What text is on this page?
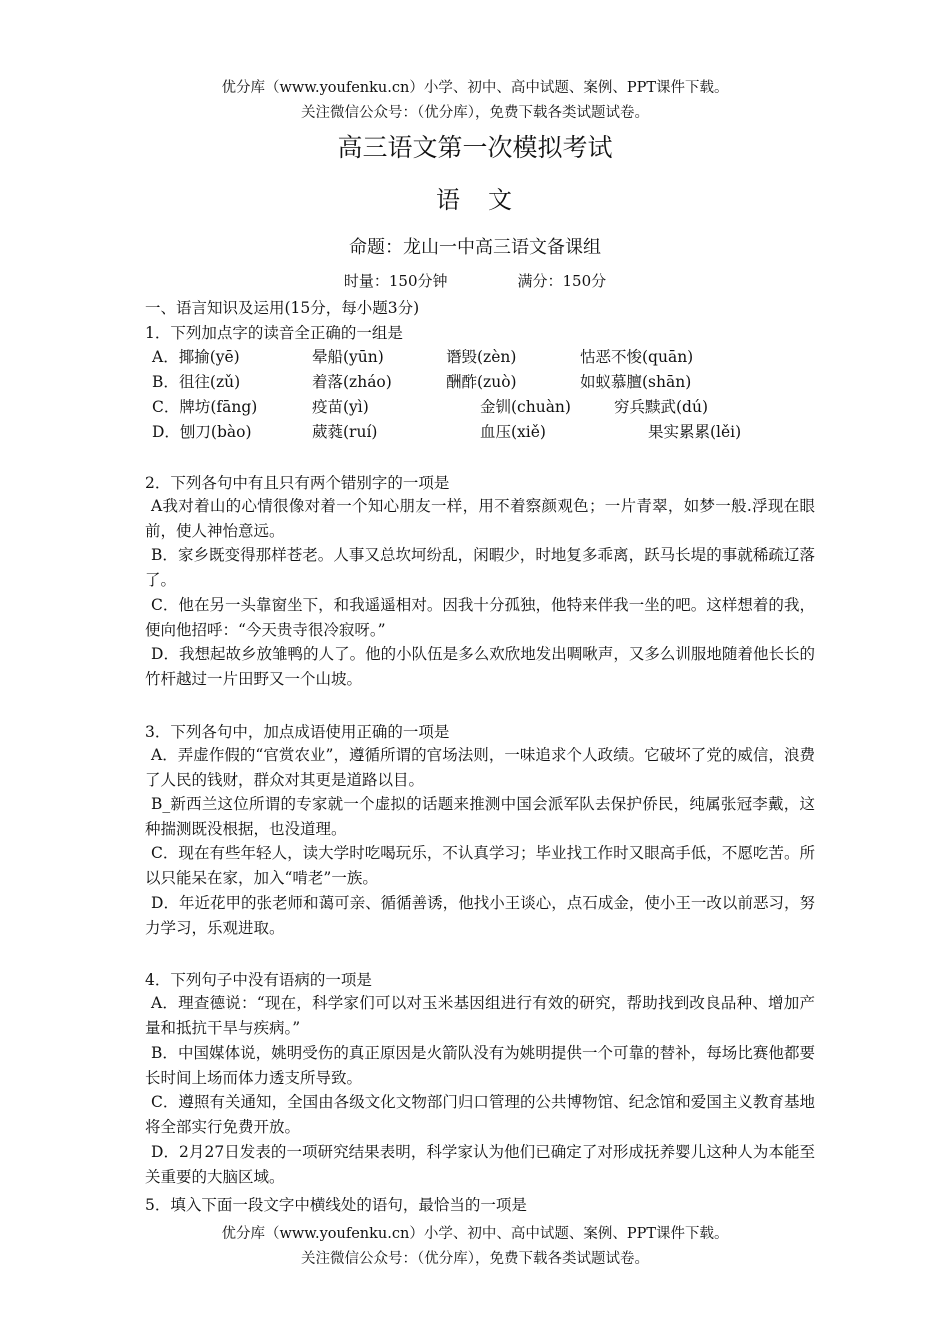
优分库（www.youfenku.cn）小学、初中、高中试题、案例、PPT课件下载。
关注微信公众号：（优分库），免费下载各类试题试卷。
高三语文第一次模拟考试
语　文
命题：龙山一中高三语文备课组
时量：150分钟	满分：150分
一、语言知识及运用(15分，每小题3分)
1．下列加点字的读音全正确的一组是
A．揶揄(yē)	晕船(yūn)	谮毁(zèn)	怙恶不悛(quān)
B．徂往(zǔ)	着落(zháo)	酬酢(zuò)	如蚁慕膻(shān)
C．牌坊(fāng)	疫苗(yì)	金钏(chuàn)	穷兵黩武(dú)
D．刨刀(bào)	葳蕤(ruí)	血压(xiě)	果实累累(lěi)
2．下列各句中有且只有两个错别字的一项是
A我对着山的心情很像对着一个知心朋友一样，用不着察颜观色；一片青翠，如梦一般.浮现在眼前，使人神怡意远。
B．家乡既变得那样苍老。人事又总坎坷纷乱，闲暇少，时地复多乖离，跃马长堤的事就稀疏辽落了。
C．他在另一头靠窗坐下，和我遥遥相对。因我十分孤独，他特来伴我一坐的吧。这样想着的我，便向他招呼：“今天贵寺很冷寂呀。”
D．我想起故乡放雏鸭的人了。他的小队伍是多么欢欣地发出啁啾声，又多么训服地随着他长长的竹杆越过一片田野又一个山坡。
3．下列各句中，加点成语使用正确的一项是
A．弄虚作假的“官赏农业”，遵循所谓的官场法则，一味追求个人政绩。它破坏了党的威信，浪费了人民的钱财，群众对其更是道路以目。
B_新西兰这位所谓的专家就一个虚拟的话题来推测中国会派军队去保护侨民，纯属张冠李戴，这种揣测既没根据，也没道理。
C．现在有些年轻人，读大学时吃喝玩乐，不认真学习；毕业找工作时又眼高手低，不愿吃苦。所以只能呆在家，加入“啃老”一族。
D．年近花甲的张老师和蔼可亲、循循善诱，他找小王谈心，点石成金，使小王一改以前恶习，努力学习，乐观进取。
4．下列句子中没有语病的一项是
A．理查德说：“现在，科学家们可以对玉米基因组进行有效的研究，帮助找到改良品种、增加产量和抵抗干旱与疾病。”
B．中国媒体说，姚明受伤的真正原因是火箭队没有为姚明提供一个可靠的替补，每场比赛他都要长时间上场而体力透支所导致。
C．遵照有关通知，全国由各级文化文物部门归口管理的公共博物馆、纪念馆和爱国主义教育基地将全部实行免费开放。
D．2月27日发表的一项研究结果表明，科学家认为他们已确定了对形成抚养婴儿这种人为本能至关重要的大脑区域。
5．填入下面一段文字中横线处的语句，最恰当的一项是
优分库（www.youfenku.cn）小学、初中、高中试题、案例、PPT课件下载。
关注微信公众号：（优分库），免费下载各类试题试卷。
